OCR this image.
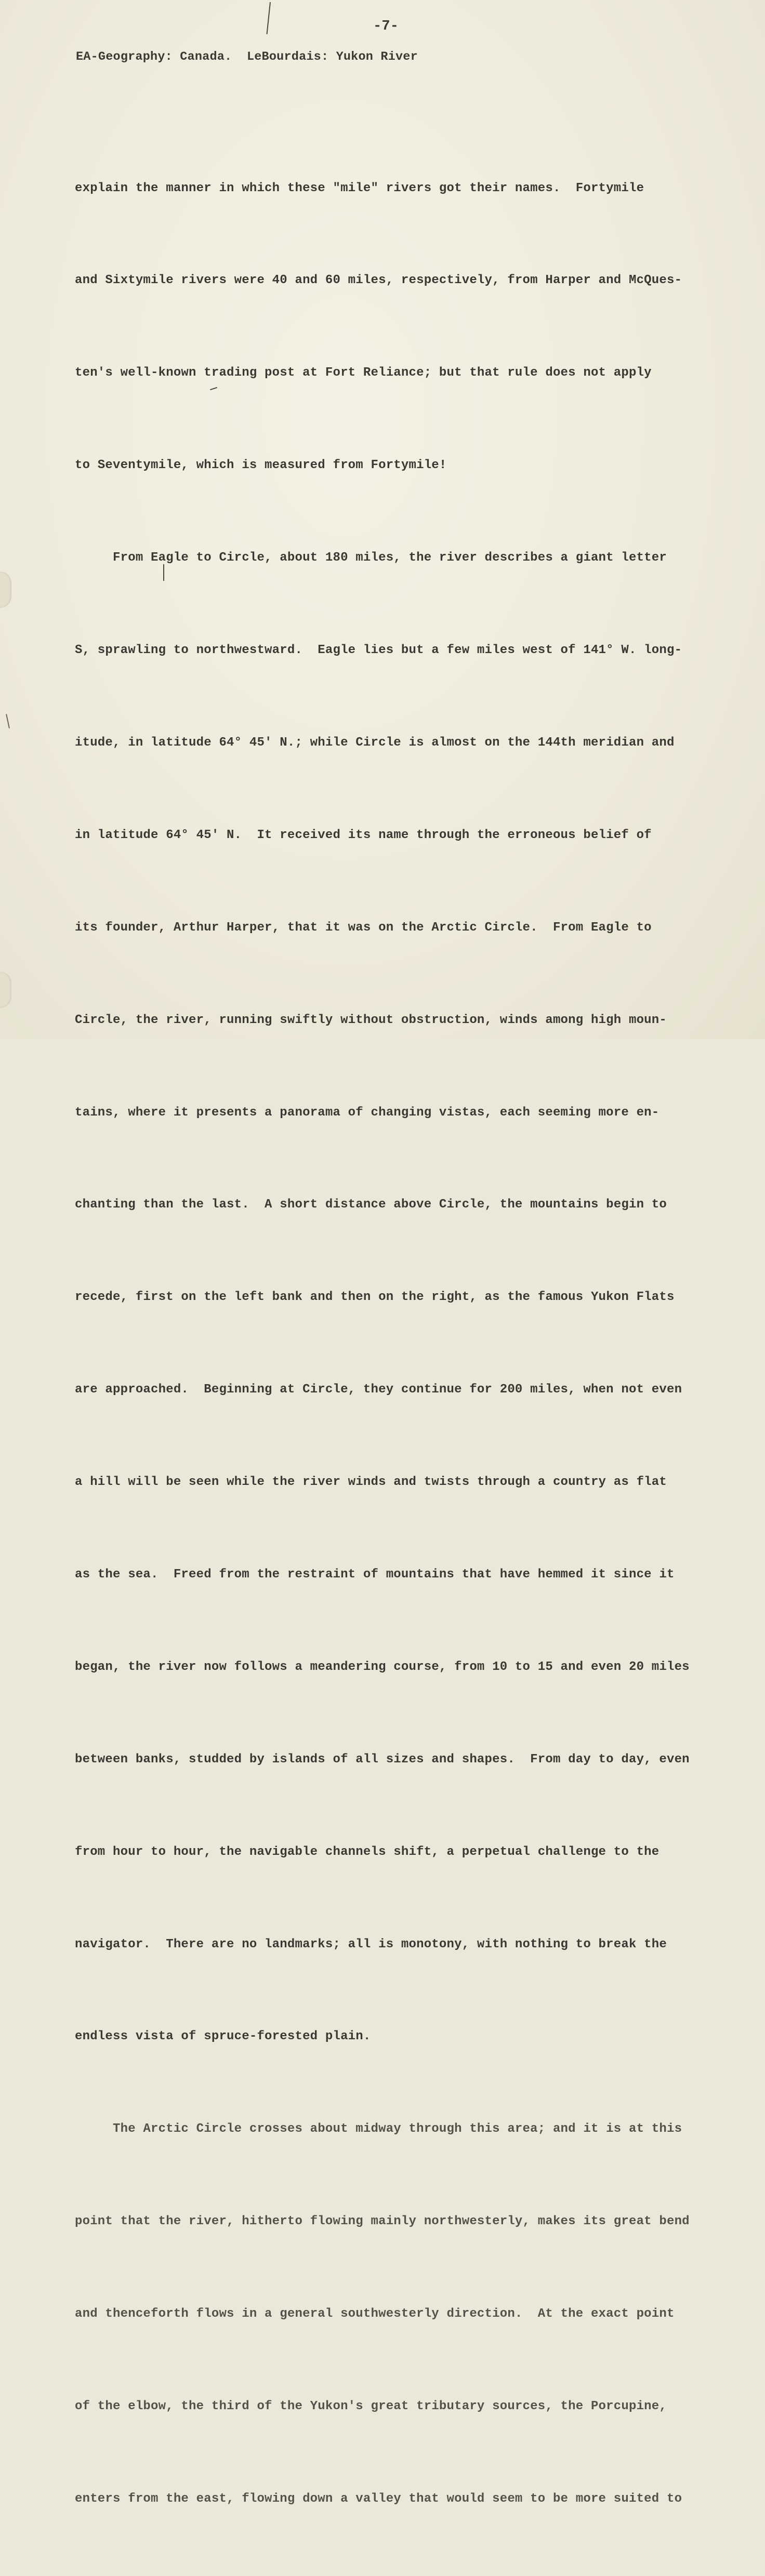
-7-
EA-Geography: Canada.  LeBourdais: Yukon River

explain the manner in which these "mile" rivers got their names.  Fortymile

and Sixtymile rivers were 40 and 60 miles, respectively, from Harper and McQues-

ten's well-known trading post at Fort Reliance; but that rule does not apply

to Seventymile, which is measured from Fortymile!

From Eagle to Circle, about 180 miles, the river describes a giant letter

S, sprawling to northwestward.  Eagle lies but a few miles west of 141° W. long-

itude, in latitude 64° 45' N.; while Circle is almost on the 144th meridian and

in latitude 64° 45' N.  It received its name through the erroneous belief of

its founder, Arthur Harper, that it was on the Arctic Circle.  From Eagle to

Circle, the river, running swiftly without obstruction, winds among high moun-

tains, where it presents a panorama of changing vistas, each seeming more en-

chanting than the last.  A short distance above Circle, the mountains begin to

recede, first on the left bank and then on the right, as the famous Yukon Flats

are approached.  Beginning at Circle, they continue for 200 miles, when not even

a hill will be seen while the river winds and twists through a country as flat

as the sea.  Freed from the restraint of mountains that have hemmed it since it

began, the river now follows a meandering course, from 10 to 15 and even 20 miles

between banks, studded by islands of all sizes and shapes.  From day to day, even

from hour to hour, the navigable channels shift, a perpetual challenge to the

navigator.  There are no landmarks; all is monotony, with nothing to break the

endless vista of spruce-forested plain.

The Arctic Circle crosses about midway through this area; and it is at this

point that the river, hitherto flowing mainly northwesterly, makes its great bend

and thenceforth flows in a general southwesterly direction.  At the exact point

of the elbow, the third of the Yukon's great tributary sources, the Porcupine,

enters from the east, flowing down a valley that would seem to be more suited to
